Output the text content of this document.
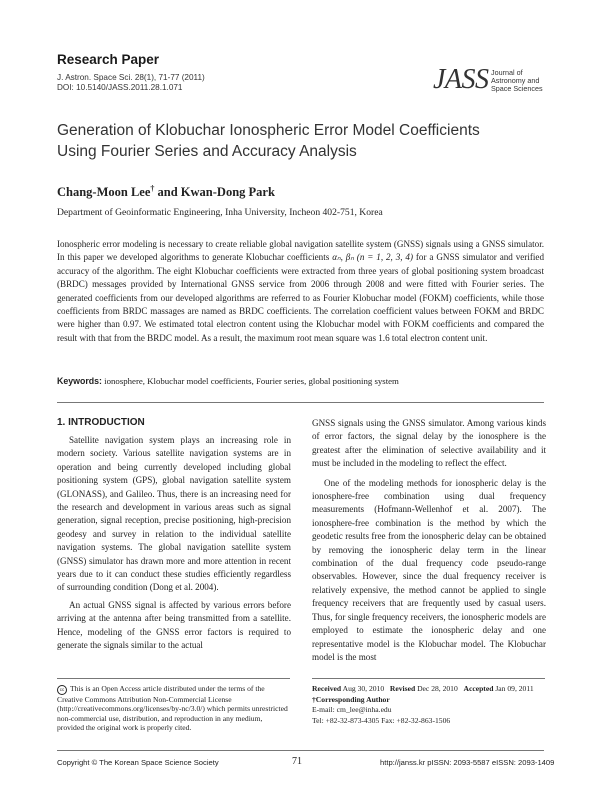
Research Paper
J. Astron. Space Sci. 28(1), 71-77 (2011)
DOI: 10.5140/JASS.2011.28.1.071	JASS Journal of
Astronomy and
Space Sciences
Generation of Klobuchar Ionospheric Error Model Coefficients
Using Fourier Series and Accuracy Analysis
Chang-Moon Lee† and Kwan-Dong Park
Department of Geoinformatic Engineering, Inha University, Incheon 402-751, Korea
Ionospheric error modeling is necessary to create reliable global navigation satellite system (GNSS) signals using a GNSS simulator. In this paper we developed algorithms to generate Klobuchar coefficients αₙ, βₙ (n = 1, 2, 3, 4) for a GNSS simulator and verified accuracy of the algorithm. The eight Klobuchar coefficients were extracted from three years of global positioning system broadcast (BRDC) messages provided by International GNSS service from 2006 through 2008 and were fitted with Fourier series. The generated coefficients from our developed algorithms are referred to as Fourier Klobuchar model (FOKM) coefficients, while those coefficients from BRDC massages are named as BRDC coefficients. The correlation coefficient values between FOKM and BRDC were higher than 0.97. We estimated total electron content using the Klobuchar model with FOKM coefficients and compared the result with that from the BRDC model. As a result, the maximum root mean square was 1.6 total electron content unit.
Keywords: ionosphere, Klobuchar model coefficients, Fourier series, global positioning system
1. INTRODUCTION

Satellite navigation system plays an increasing role in modern society. Various satellite navigation systems are in operation and being currently developed including global positioning system (GPS), global navigation satellite system (GLONASS), and Galileo. Thus, there is an increasing need for the research and development in various areas such as signal generation, signal reception, precise positioning, high-precision geodesy and survey in relation to the individual satellite navigation systems. The global navigation satellite system (GNSS) simulator has drawn more and more attention in recent years due to it can conduct these studies efficiently regardless of surrounding condition (Dong et al. 2004).

An actual GNSS signal is affected by various errors before arriving at the antenna after being transmitted from a satellite. Hence, modeling of the GNSS error factors is required to generate the signals similar to the actual

GNSS signals using the GNSS simulator. Among various kinds of error factors, the signal delay by the ionosphere is the greatest after the elimination of selective availability and it must be included in the modeling to reflect the effect.

One of the modeling methods for ionospheric delay is the ionosphere-free combination using dual frequency measurements (Hofmann-Wellenhof et al. 2007). The ionosphere-free combination is the method by which the geodetic results free from the ionospheric delay can be obtained by removing the ionospheric delay term in the linear combination of the dual frequency code pseudo-range observables. However, since the dual frequency receiver is relatively expensive, the method cannot be applied to single frequency receivers that are frequently used by casual users. Thus, for single frequency receivers, the ionospheric models are employed to estimate the ionospheric delay and one representative model is the Klobuchar model. The Klobuchar model is the most

cc This is an Open Access article distributed under the terms of the Creative Commons Attribution Non-Commercial License (http://creativecommons.org/licenses/by-nc/3.0/) which permits unrestricted non-commercial use, distribution, and reproduction in any medium, provided the original work is properly cited.
Received Aug 30, 2010 Revised Dec 28, 2010 Accepted Jan 09, 2011
†Corresponding Author
E-mail: cm_lee@inha.edu
Tel: +82-32-873-4305 Fax: +82-32-863-1506
Copyright © The Korean Space Science Society	71	http://janss.kr pISSN: 2093-5587 eISSN: 2093-1409
